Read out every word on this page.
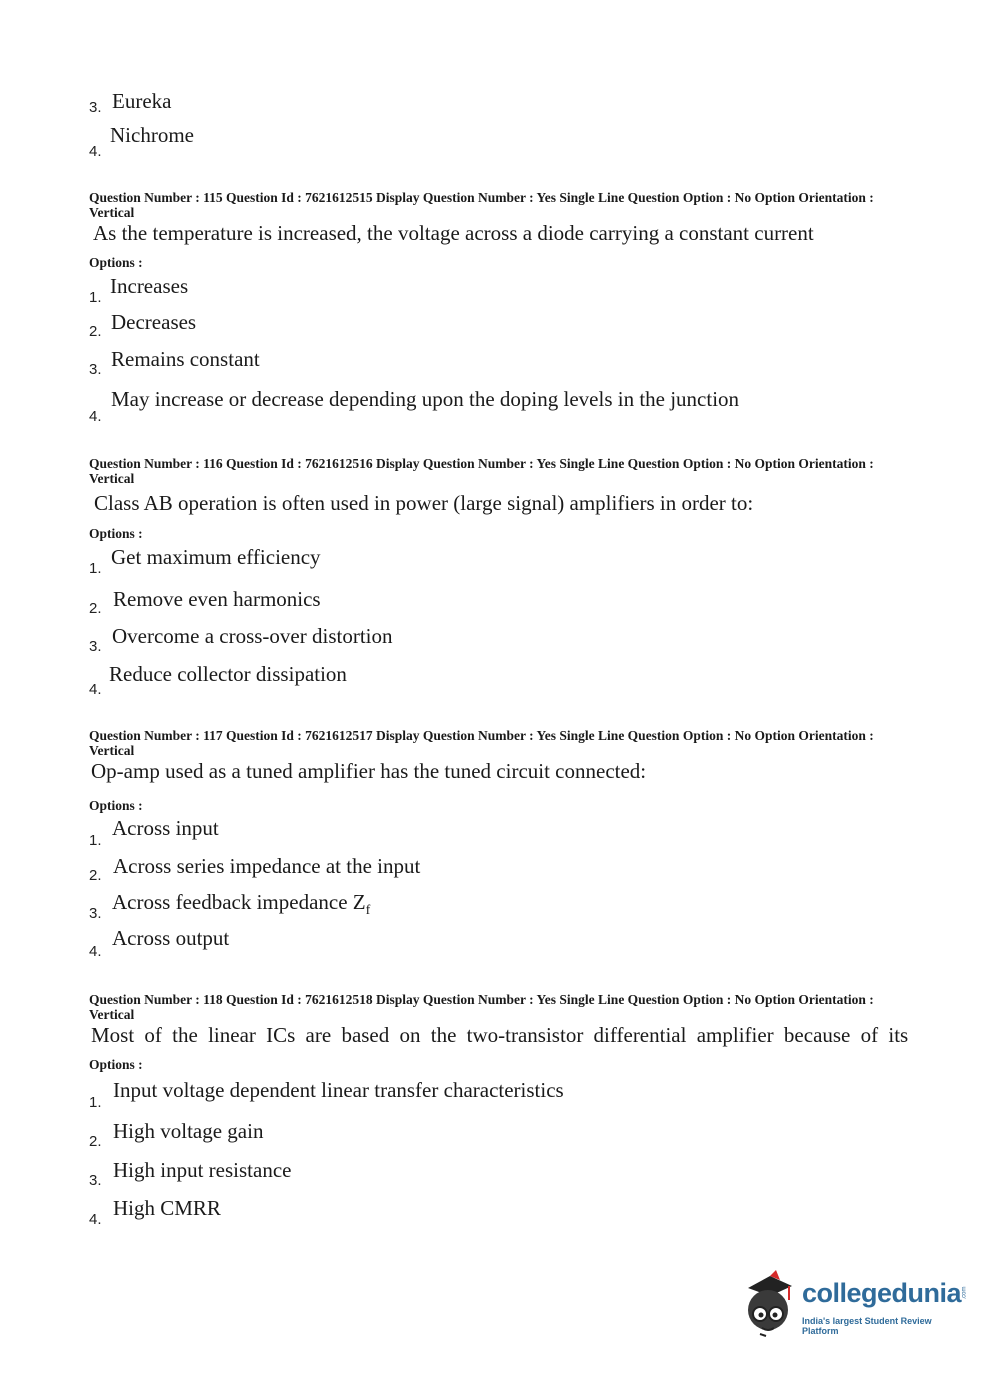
3. Eureka
4.
Nichrome
Question Number : 115 Question Id : 7621612515 Display Question Number : Yes Single Line Question Option : No Option Orientation : Vertical
As the temperature is increased, the voltage across a diode carrying a constant current
Options :
1. Increases
2. Decreases
3. Remains constant
4.
May increase or decrease depending upon the doping levels in the junction
Question Number : 116 Question Id : 7621612516 Display Question Number : Yes Single Line Question Option : No Option Orientation : Vertical
Class AB operation is often used in power (large signal) amplifiers in order to:
Options :
1. Get maximum efficiency
2. Remove even harmonics
3. Overcome a cross-over distortion
4.
Reduce collector dissipation
Question Number : 117 Question Id : 7621612517 Display Question Number : Yes Single Line Question Option : No Option Orientation : Vertical
Op-amp used as a tuned amplifier has the tuned circuit connected:
Options :
1.
Across input
2. Across series impedance at the input
3. Across feedback impedance $Z_f$
4.
Across output
Question Number : 118 Question Id : 7621612518 Display Question Number : Yes Single Line Question Option : No Option Orientation : Vertical
Most of the linear ICs are based on the two-transistor differential amplifier because of its
Options :
1.
Input voltage dependent linear transfer characteristics
2. High voltage gain
3. High input resistance
4. High CMRR
collegedunia .com
India's largest Student Review Platform
